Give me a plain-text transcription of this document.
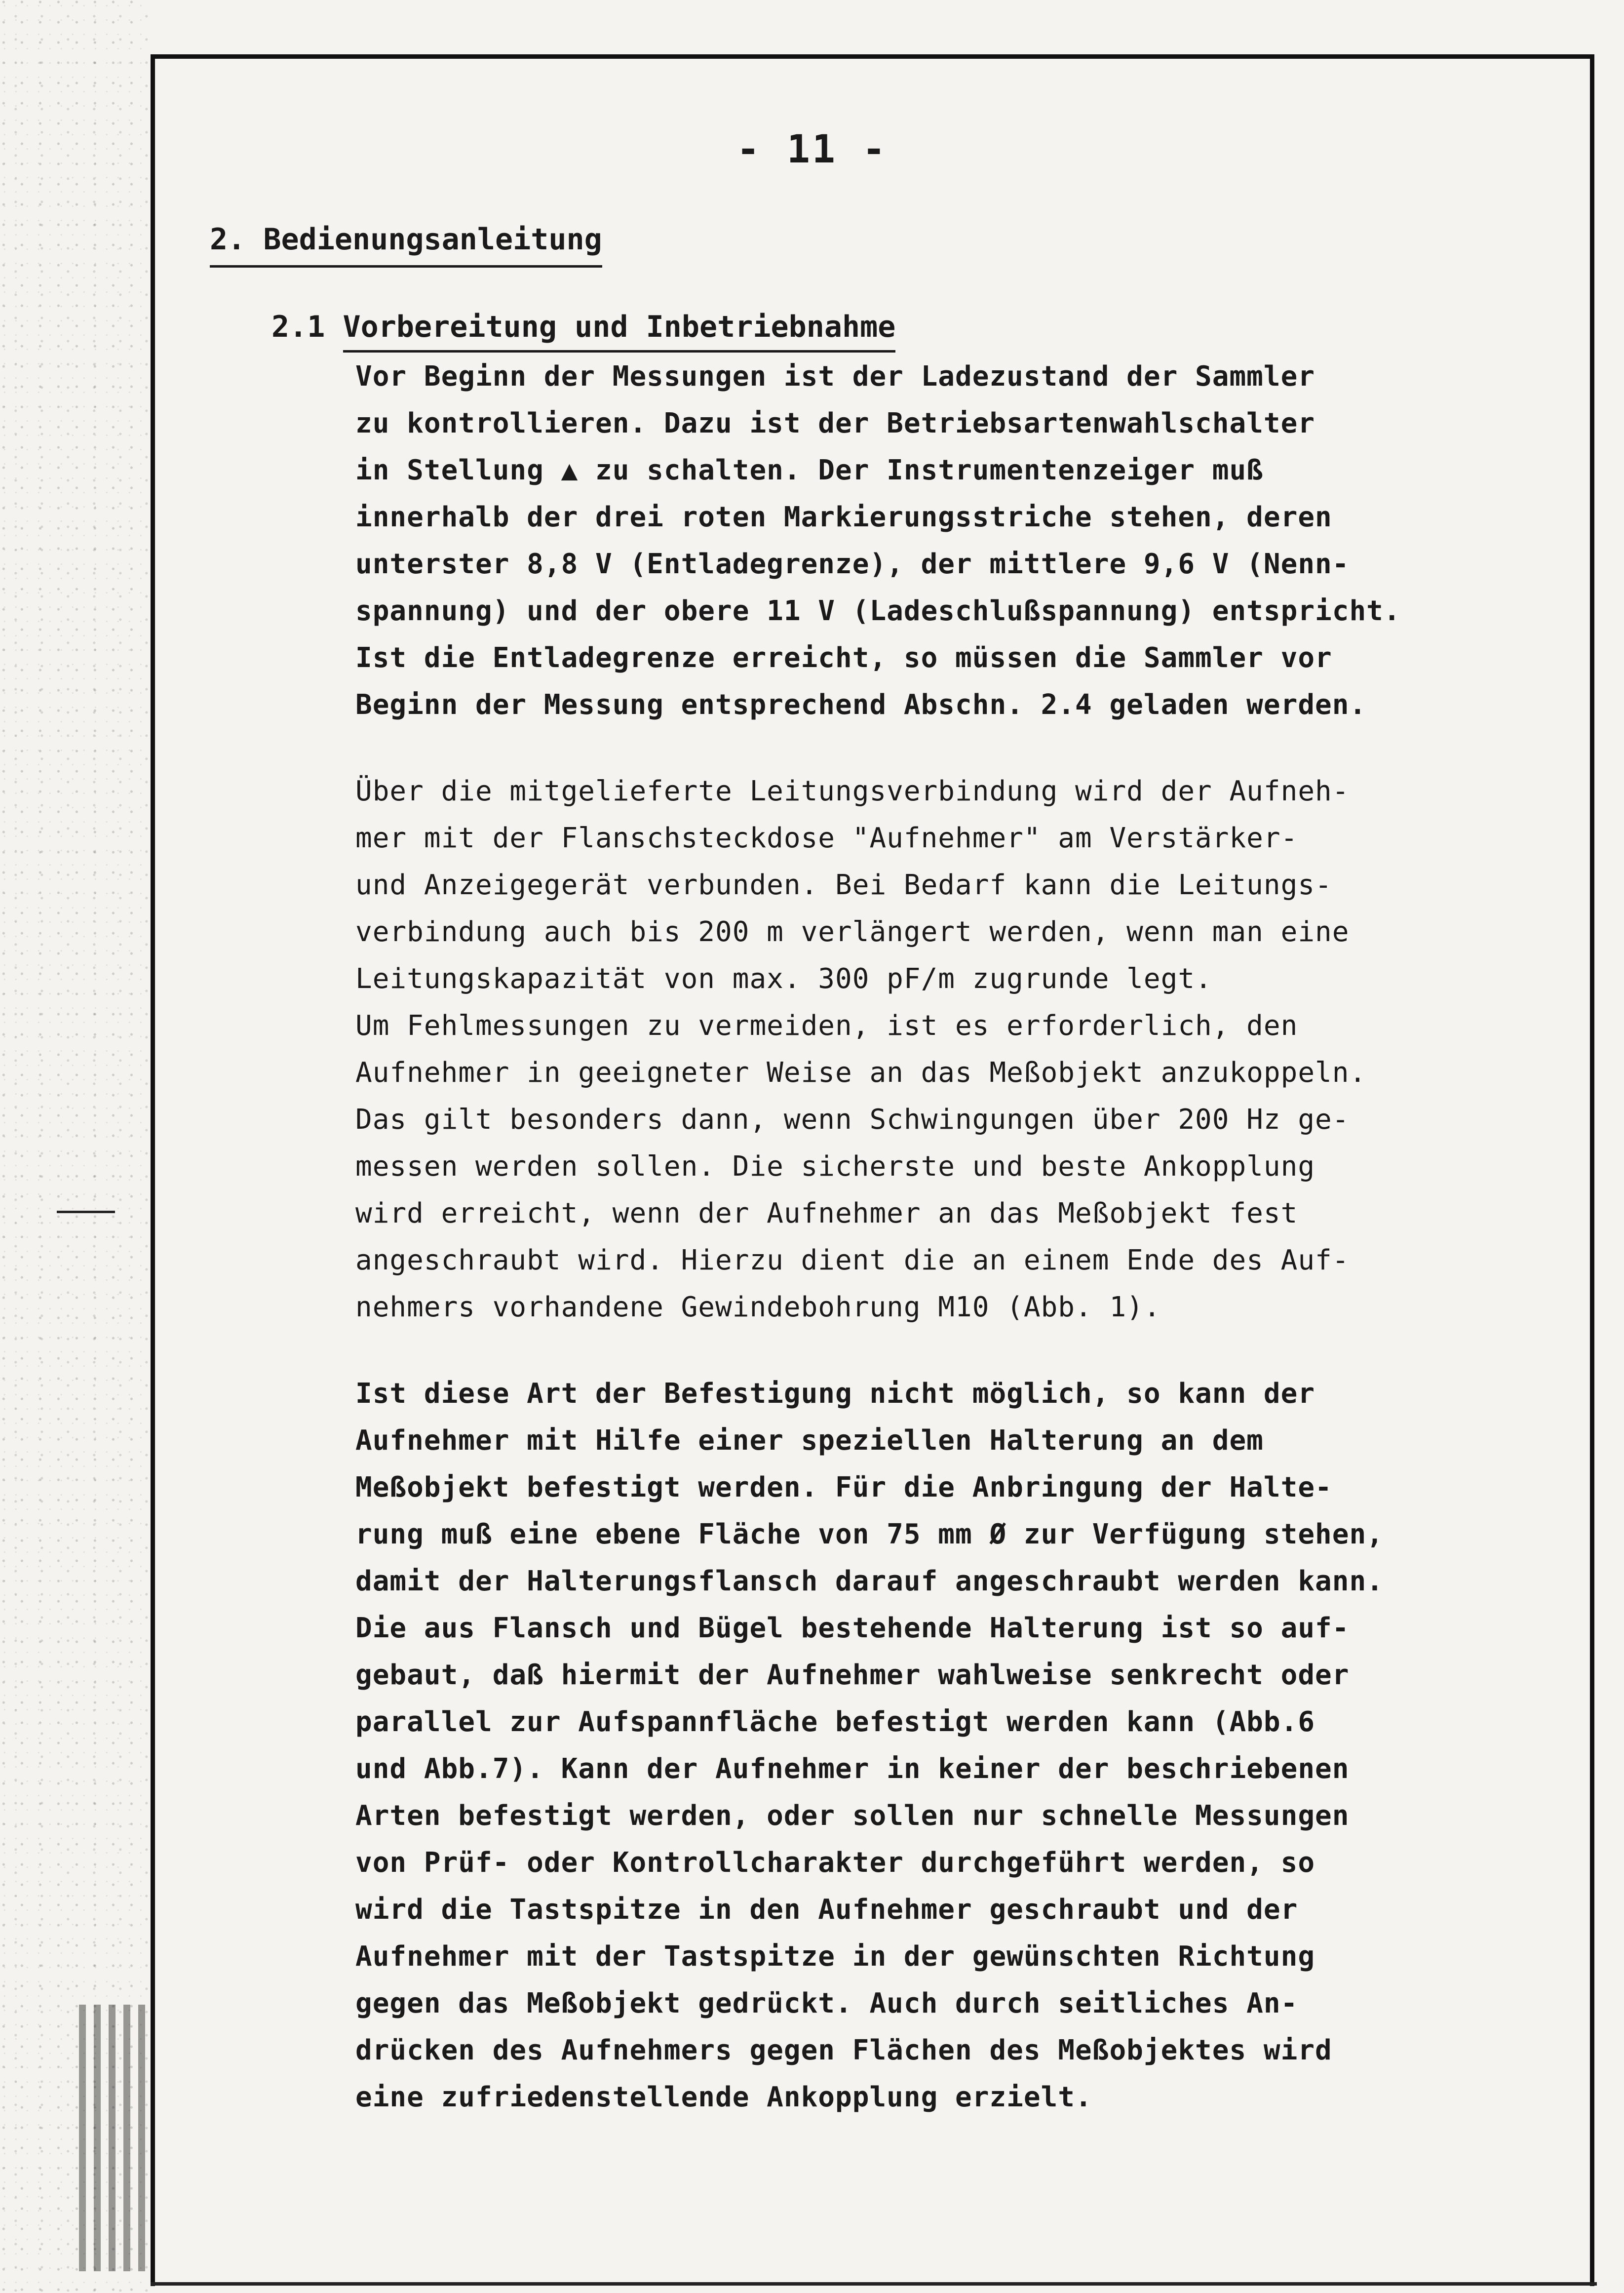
- 11 -
2. Bedienungsanleitung
2.1 Vorbereitung und Inbetriebnahme
Vor Beginn der Messungen ist der Ladezustand der Sammler
zu kontrollieren. Dazu ist der Betriebsartenwahlschalter
in Stellung ▲ zu schalten. Der Instrumentenzeiger muß
innerhalb der drei roten Markierungsstriche stehen, deren
unterster 8,8 V (Entladegrenze), der mittlere 9,6 V (Nenn-
spannung) und der obere 11 V (Ladeschlußspannung) entspricht.
Ist die Entladegrenze erreicht, so müssen die Sammler vor
Beginn der Messung entsprechend Abschn. 2.4 geladen werden.
Über die mitgelieferte Leitungsverbindung wird der Aufneh-
mer mit der Flanschsteckdose "Aufnehmer" am Verstärker-
und Anzeigegerät verbunden. Bei Bedarf kann die Leitungs-
verbindung auch bis 200 m verlängert werden, wenn man eine
Leitungskapazität von max. 300 pF/m zugrunde legt.
Um Fehlmessungen zu vermeiden, ist es erforderlich, den
Aufnehmer in geeigneter Weise an das Meßobjekt anzukoppeln.
Das gilt besonders dann, wenn Schwingungen über 200 Hz ge-
messen werden sollen. Die sicherste und beste Ankopplung
wird erreicht, wenn der Aufnehmer an das Meßobjekt fest
angeschraubt wird. Hierzu dient die an einem Ende des Auf-
nehmers vorhandene Gewindebohrung M10 (Abb. 1).
Ist diese Art der Befestigung nicht möglich, so kann der
Aufnehmer mit Hilfe einer speziellen Halterung an dem
Meßobjekt befestigt werden. Für die Anbringung der Halte-
rung muß eine ebene Fläche von 75 mm Ø zur Verfügung stehen,
damit der Halterungsflansch darauf angeschraubt werden kann.
Die aus Flansch und Bügel bestehende Halterung ist so auf-
gebaut, daß hiermit der Aufnehmer wahlweise senkrecht oder
parallel zur Aufspannfläche befestigt werden kann (Abb.6
und Abb.7). Kann der Aufnehmer in keiner der beschriebenen
Arten befestigt werden, oder sollen nur schnelle Messungen
von Prüf- oder Kontrollcharakter durchgeführt werden, so
wird die Tastspitze in den Aufnehmer geschraubt und der
Aufnehmer mit der Tastspitze in der gewünschten Richtung
gegen das Meßobjekt gedrückt. Auch durch seitliches An-
drücken des Aufnehmers gegen Flächen des Meßobjektes wird
eine zufriedenstellende Ankopplung erzielt.
